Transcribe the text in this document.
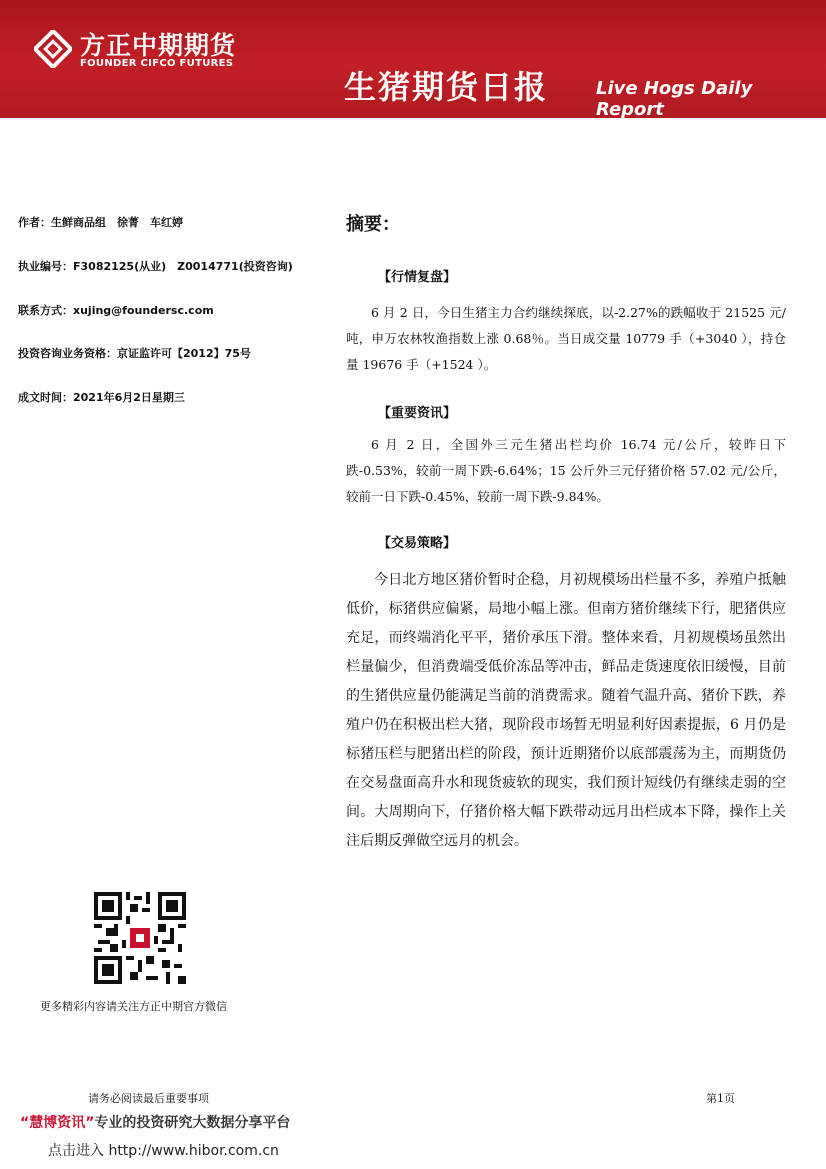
方正中期期货
FOUNDER CIFCO FUTURES
生猪期货日报	Live Hogs Daily Report
作者：生鲜商品组　徐菁　车红婷
执业编号：F3082125(从业)　Z0014771(投资咨询)
联系方式：xujing@foundersc.com
投资咨询业务资格：京证监许可【2012】75号
成文时间：2021年6月2日星期三
摘要：
【行情复盘】

6 月 2 日，今日生猪主力合约继续探底，以-2.27%的跌幅收于 21525 元/吨，申万农林牧渔指数上涨 0.68％。当日成交量 10779 手（+3040 ），持仓量 19676 手（+1524 ）。

【重要资讯】

6 月 2 日，全国外三元生猪出栏均价 16.74 元/公斤，较昨日下跌-0.53%，较前一周下跌-6.64%；15 公斤外三元仔猪价格 57.02 元/公斤，较前一日下跌-0.45%，较前一周下跌-9.84%。

【交易策略】

今日北方地区猪价暂时企稳，月初规模场出栏量不多，养殖户抵触低价，标猪供应偏紧，局地小幅上涨。但南方猪价继续下行，肥猪供应充足，而终端消化平平，猪价承压下滑。整体来看，月初规模场虽然出栏量偏少，但消费端受低价冻品等冲击，鲜品走货速度依旧缓慢，目前的生猪供应量仍能满足当前的消费需求。随着气温升高、猪价下跌，养殖户仍在积极出栏大猪，现阶段市场暂无明显利好因素提振，6 月仍是标猪压栏与肥猪出栏的阶段，预计近期猪价以底部震荡为主，而期货仍在交易盘面高升水和现货疲软的现实，我们预计短线仍有继续走弱的空间。大周期向下，仔猪价格大幅下跌带动远月出栏成本下降，操作上关注后期反弹做空远月的机会。

更多精彩内容请关注方正中期官方微信
请务必阅读最后重要事项	第1页
“慧博资讯”专业的投资研究大数据分享平台
点击进入 http://www.hibor.com.cn
